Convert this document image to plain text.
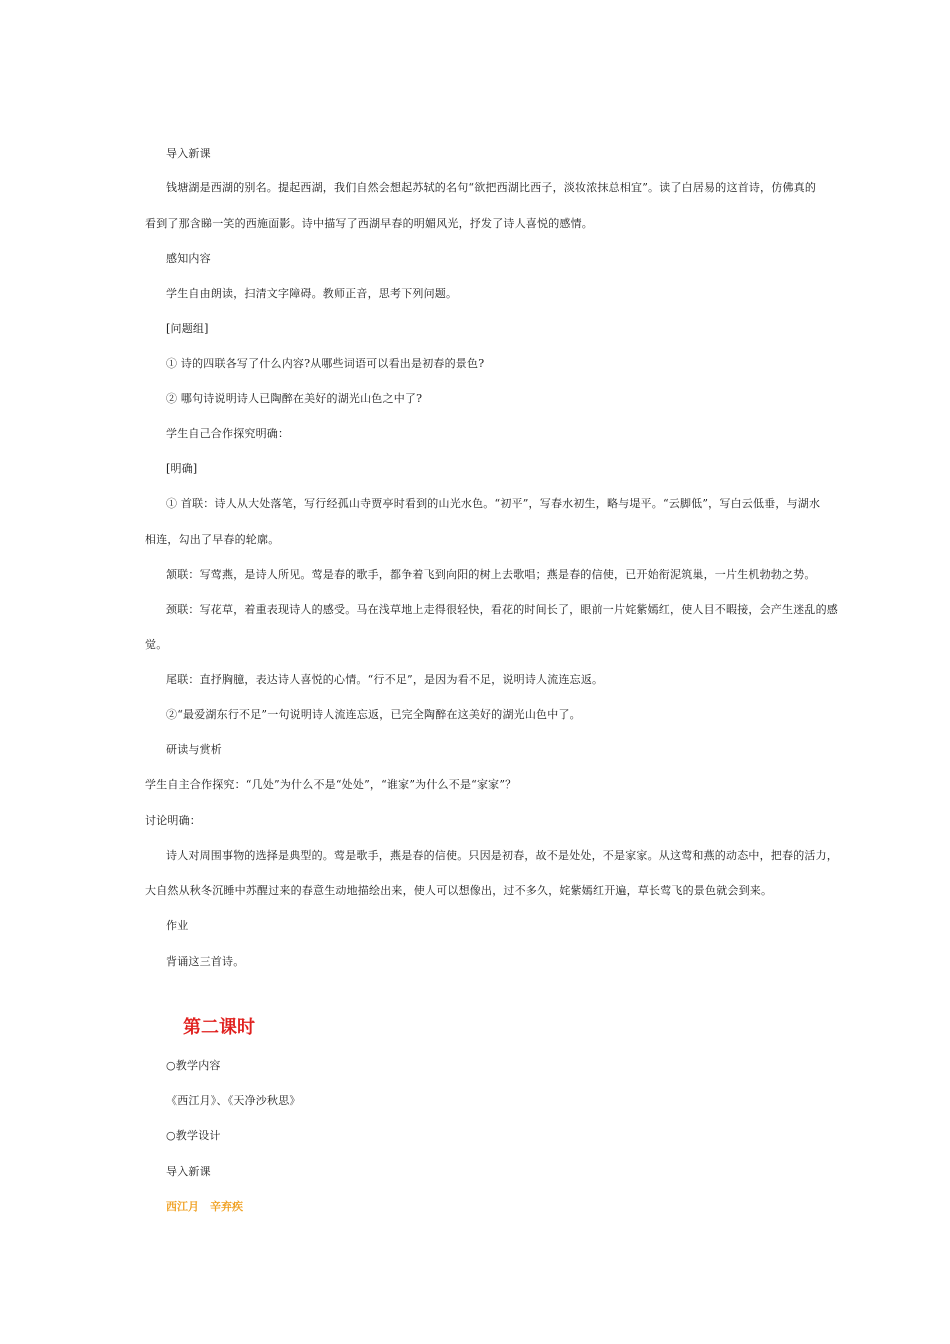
导入新课
钱塘湖是西湖的别名。提起西湖，我们自然会想起苏轼的名句“欲把西湖比西子，淡妆浓抹总相宜”。读了白居易的这首诗，仿佛真的
看到了那含睇一笑的西施面影。诗中描写了西湖早春的明媚风光，抒发了诗人喜悦的感情。
感知内容
学生自由朗读，扫清文字障碍。教师正音，思考下列问题。
[问题组]
① 诗的四联各写了什么内容?从哪些词语可以看出是初春的景色?
② 哪句诗说明诗人已陶醉在美好的湖光山色之中了?
学生自己合作探究明确：
[明确]
① 首联：诗人从大处落笔，写行经孤山寺贾亭时看到的山光水色。“初平”，写春水初生，略与堤平。“云脚低”，写白云低垂，与湖水
相连，勾出了早春的轮廓。
颔联：写莺燕，是诗人所见。莺是春的歌手，都争着飞到向阳的树上去歌唱；燕是春的信使，已开始衔泥筑巢，一片生机勃勃之势。
颈联：写花草，着重表现诗人的感受。马在浅草地上走得很轻快，看花的时间长了，眼前一片姹紫嫣红，使人目不暇接，会产生迷乱的感
觉。
尾联：直抒胸臆，表达诗人喜悦的心情。“行不足”，是因为看不足，说明诗人流连忘返。
②“最爱湖东行不足”一句说明诗人流连忘返，已完全陶醉在这美好的湖光山色中了。
研读与赏析
学生自主合作探究：“几处”为什么不是“处处”，“谁家”为什么不是“家家”？
讨论明确：
诗人对周围事物的选择是典型的。莺是歌手，燕是春的信使。只因是初春，故不是处处，不是家家。从这莺和燕的动态中，把春的活力，
大自然从秋冬沉睡中苏醒过来的春意生动地描绘出来，使人可以想像出，过不多久，姹紫嫣红开遍，草长莺飞的景色就会到来。
作业
背诵这三首诗。
第二课时
○教学内容
《西江月》、《天净沙秋思》
○教学设计
导入新课
西江月　辛弃疾
